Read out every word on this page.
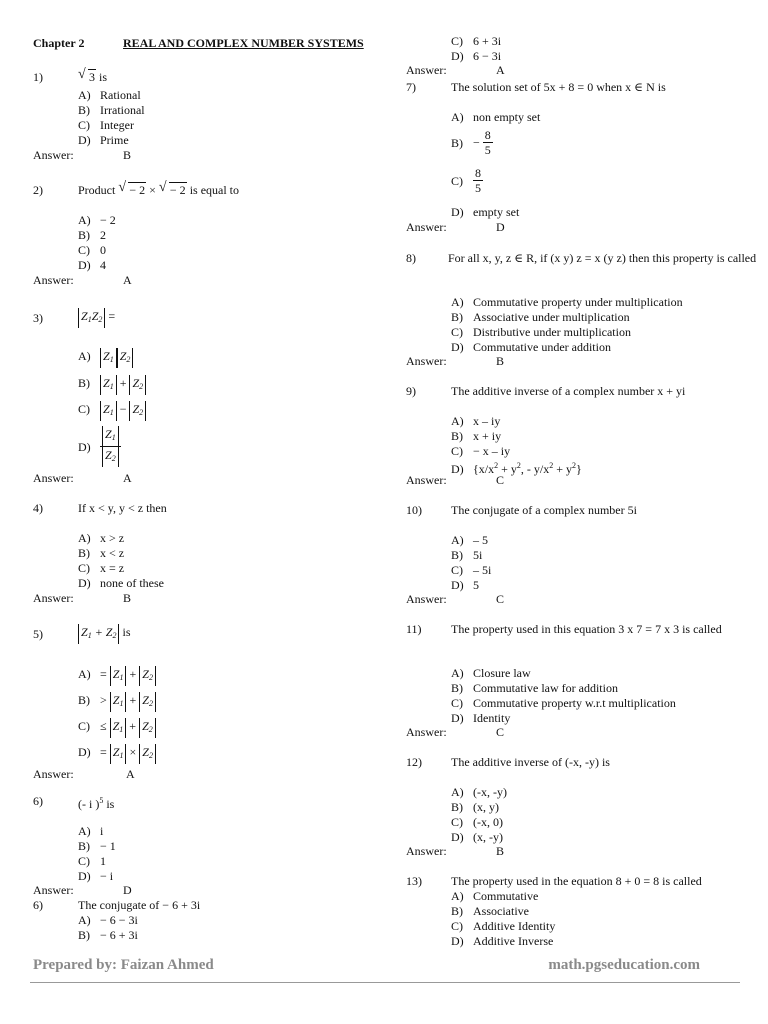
Chapter 2	REAL AND COMPLEX NUMBER SYSTEMS
1)	√ 3 is
A) Rational
B) Irrational
C) Integer
D) Prime
Answer:	B
2)	Product √ − 2 × √ − 2 is equal to
A) − 2
B) 2
C) 0
D) 4
Answer:	A
3)	$Z_1Z_2$ =
A) $Z_1$ $Z_2$
B) $Z_1 + Z_2$
C) $Z_1 - Z_2$
$D) \frac{Z_1}{Z_2}$
Answer:	A
4)	If x < y, y < z then
A) x > z
B) x < z
C) x = z
D) none of these
Answer:	B
5)	$Z_1 + Z_2$ is
$A) = Z_1 + Z_2$
$B) > Z_1 + Z_2$
$C) \le Z_1 + Z_2$
$D) = Z_1 \times Z_2$
Answer:	A
6)	(- i )$^5$ is
A) i
B) − 1
C) 1
D) − i
Answer:	D
6)	The conjugate of − 6 + 3i
A) − 6 − 3i
B) − 6 + 3i
C) 6 + 3i
D) 6 − 3i
Answer:	A
7)	The solution set of 5x + 8 = 0 when x ∈ N is
A) non empty set
$B) - \frac{8}{5}$
$C) \frac{8}{5}$
D) empty set
Answer:	D
8)	For all x, y, z ∈ R, if (x y) z = x (y z) then this property is called
A) Commutative property under multiplication
B) Associative under multiplication
C) Distributive under multiplication
D) Commutative under addition
Answer:	B
9)	The additive inverse of a complex number x + yi
A) x – iy
B) x + iy
C) − x – iy
D) {$x/x^2 + y^2$, - $y/x^2 + y^2$}
Answer:	C
10) The conjugate of a complex number 5i
A) – 5
B) 5i
C) – 5i
D) 5
Answer:	C
11) The property used in this equation 3 x 7 = 7 x 3 is called
A) Closure law
B) Commutative law for addition
C) Commutative property w.r.t multiplication
D) Identity
Answer:	C
12) The additive inverse of (-x, -y) is
A) (-x, -y)
B) (x, y)
C) (-x, 0)
D) (x, -y)
Answer:	B
13) The property used in the equation 8 + 0 = 8 is called
A) Commutative
B) Associative
C) Additive Identity
D) Additive Inverse
Prepared by: Faizan Ahmed	math.pgseducation.com
